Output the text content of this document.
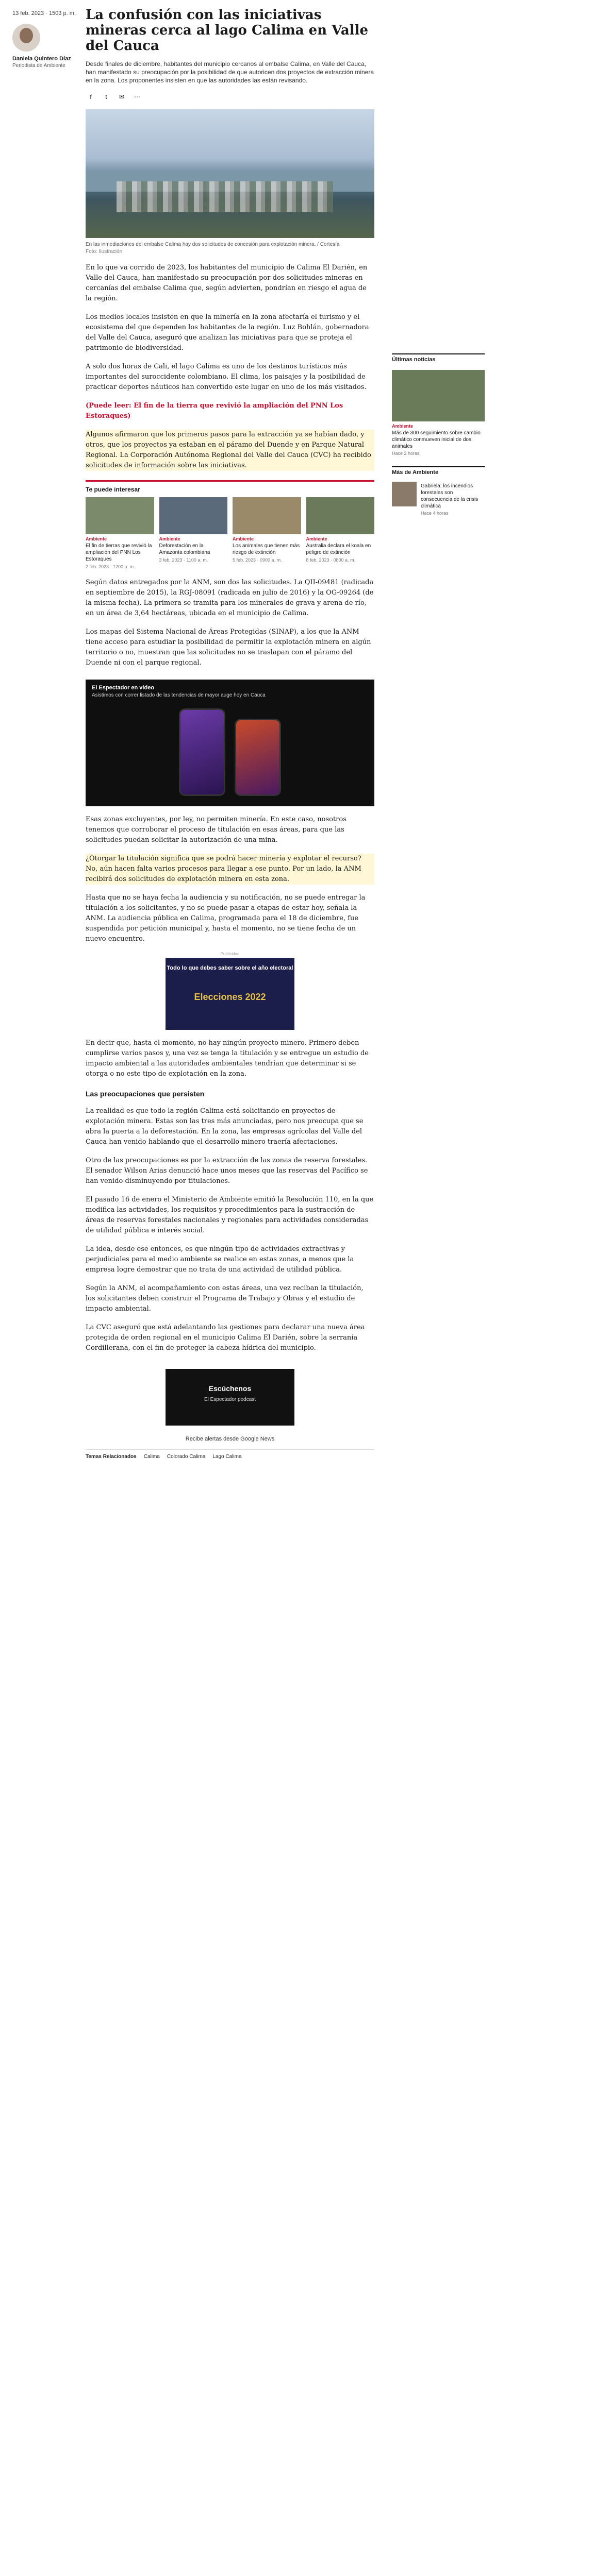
13 feb. 2023 · 1503 p. m.
Daniela Quintero Díaz
Periodista de Ambiente
La confusión con las iniciativas mineras cerca al lago Calima en Valle del Cauca
Desde finales de diciembre, habitantes del municipio cercanos al embalse Calima, en Valle del Cauca, han manifestado su preocupación por la posibilidad de que autoricen dos proyectos de extracción minera en la zona. Los proponentes insisten en que las autoridades las están revisando.
f	t	✉	⋯
En las inmediaciones del embalse Calima hay dos solicitudes de concesión para explotación minera. / Cortesía
Foto: Ilustración

En lo que va corrido de 2023, los habitantes del municipio de Calima El Darién, en Valle del Cauca, han manifestado su preocupación por dos solicitudes mineras en cercanías del embalse Calima que, según advierten, pondrían en riesgo el agua de la región.

Los medios locales insisten en que la minería en la zona afectaría el turismo y el ecosistema del que dependen los habitantes de la región. Luz Bohlán, gobernadora del Valle del Cauca, aseguró que analizan las iniciativas para que se proteja el patrimonio de biodiversidad.

A solo dos horas de Cali, el lago Calima es uno de los destinos turísticos más importantes del suroccidente colombiano. El clima, los paisajes y la posibilidad de practicar deportes náuticos han convertido este lugar en uno de los más visitados.

(Puede leer: El fin de la tierra que revivió la ampliación del PNN Los Estoraques)

Algunos afirmaron que los primeros pasos para la extracción ya se habían dado, y otros, que los proyectos ya estaban en el páramo del Duende y en Parque Natural Regional. La Corporación Autónoma Regional del Valle del Cauca (CVC) ha recibido solicitudes de información sobre las iniciativas.

Te puede interesar
Ambiente
El fin de tierras que revivió la ampliación del PNN Los Estoraques
2 feb. 2023 · 1200 p. m.
Ambiente
Deforestación en la Amazonía colombiana
3 feb. 2023 · 1100 a. m.
Ambiente
Los animales que tienen más riesgo de extinción
5 feb. 2023 · 0900 a. m.
Ambiente
Australia declara el koala en peligro de extinción
8 feb. 2023 · 0800 a. m.

Según datos entregados por la ANM, son dos las solicitudes. La QII-09481 (radicada en septiembre de 2015), la RGJ-08091 (radicada en julio de 2016) y la OG-09264 (de la misma fecha). La primera se tramita para los minerales de grava y arena de río, en un área de 3,64 hectáreas, ubicada en el municipio de Calima.

Los mapas del Sistema Nacional de Áreas Protegidas (SINAP), a los que la ANM tiene acceso para estudiar la posibilidad de permitir la explotación minera en algún territorio o no, muestran que las solicitudes no se traslapan con el páramo del Duende ni con el parque regional.

El Espectador en video
Asistimos con correr listado de las tendencias de mayor auge hoy en Cauca

Esas zonas excluyentes, por ley, no permiten minería. En este caso, nosotros tenemos que corroborar el proceso de titulación en esas áreas, para que las solicitudes puedan solicitar la autorización de una mina.

¿Otorgar la titulación significa que se podrá hacer minería y explotar el recurso? No, aún hacen falta varios procesos para llegar a ese punto. Por un lado, la ANM recibirá dos solicitudes de explotación minera en esta zona.

Hasta que no se haya fecha la audiencia y su notificación, no se puede entregar la titulación a los solicitantes, y no se puede pasar a etapas de estar hoy, señala la ANM. La audiencia pública en Calima, programada para el 18 de diciembre, fue suspendida por petición municipal y, hasta el momento, no se tiene fecha de un nuevo encuentro.

Publicidad
Todo lo que debes saber sobre el año electoral
Elecciones 2022

En decir que, hasta el momento, no hay ningún proyecto minero. Primero deben cumplirse varios pasos y, una vez se tenga la titulación y se entregue un estudio de impacto ambiental a las autoridades ambientales tendrían que determinar si se otorga o no este tipo de explotación en la zona.

Las preocupaciones que persisten

La realidad es que todo la región Calima está solicitando en proyectos de explotación minera. Estas son las tres más anunciadas, pero nos preocupa que se abra la puerta a la deforestación. En la zona, las empresas agrícolas del Valle del Cauca han venido hablando que el desarrollo minero traería afectaciones.

Otro de las preocupaciones es por la extracción de las zonas de reserva forestales. El senador Wilson Arias denunció hace unos meses que las reservas del Pacífico se han venido disminuyendo por titulaciones.

El pasado 16 de enero el Ministerio de Ambiente emitió la Resolución 110, en la que modifica las actividades, los requisitos y procedimientos para la sustracción de áreas de reservas forestales nacionales y regionales para actividades consideradas de utilidad pública e interés social.

La idea, desde ese entonces, es que ningún tipo de actividades extractivas y perjudiciales para el medio ambiente se realice en estas zonas, a menos que la empresa logre demostrar que no trata de una actividad de utilidad pública.

Según la ANM, el acompañamiento con estas áreas, una vez reciban la titulación, los solicitantes deben construir el Programa de Trabajo y Obras y el estudio de impacto ambiental.

La CVC aseguró que está adelantando las gestiones para declarar una nueva área protegida de orden regional en el municipio Calima El Darién, sobre la serranía Cordillerana, con el fin de proteger la cabeza hídrica del municipio.

Escúchenos
El Espectador podcast
Recibe alertas desde Google News
Temas Relacionados Calima Colorado Calima Lago Calima
Últimas noticias
Ambiente
Más de 300 seguimiento sobre cambio climático conmueven inicial de dos animales
Hace 2 horas
Más de Ambiente
Gabriela: los incendios forestales son consecuencia de la crisis climática
Hace 4 horas
